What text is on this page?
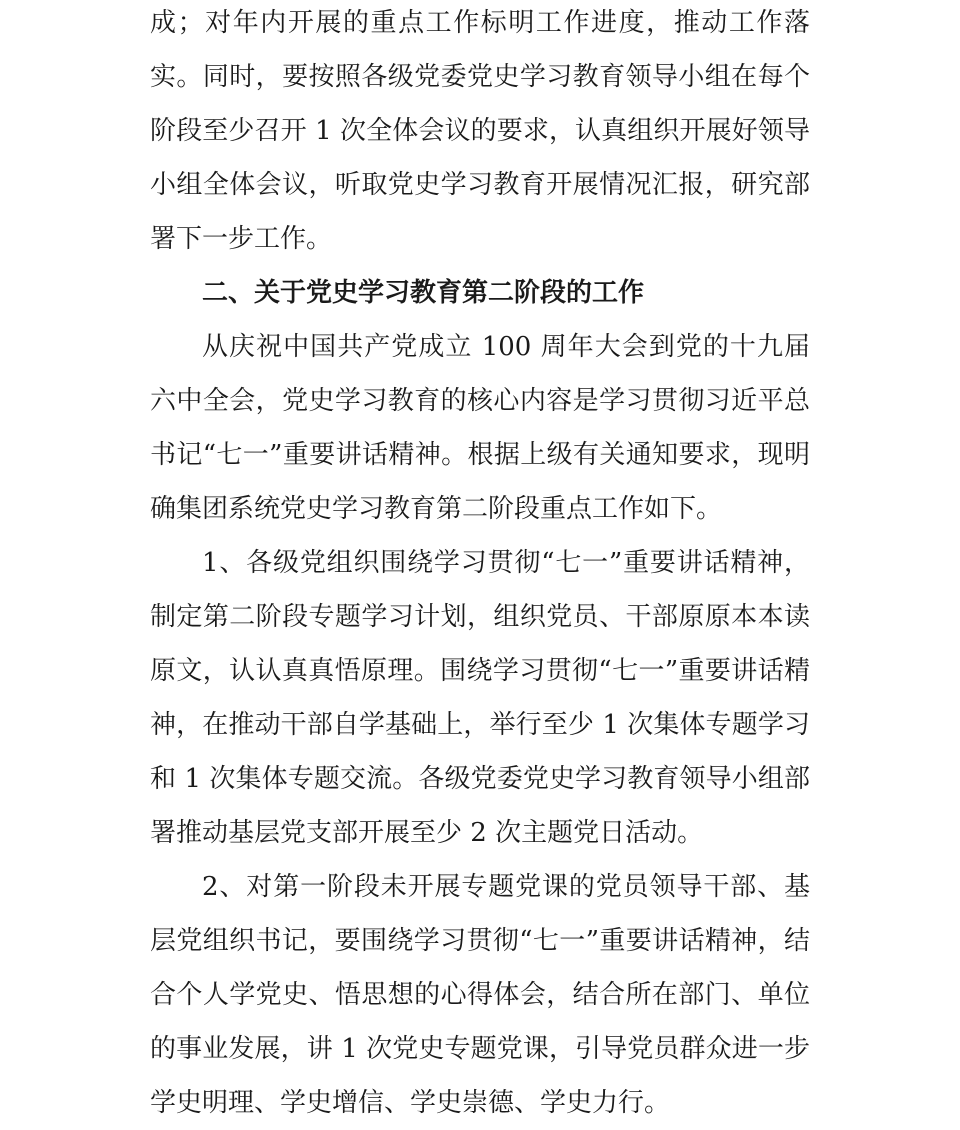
成；对年内开展的重点工作标明工作进度，推动工作落实。同时，要按照各级党委党史学习教育领导小组在每个阶段至少召开 1 次全体会议的要求，认真组织开展好领导小组全体会议，听取党史学习教育开展情况汇报，研究部署下一步工作。

二、关于党史学习教育第二阶段的工作

从庆祝中国共产党成立 100 周年大会到党的十九届六中全会，党史学习教育的核心内容是学习贯彻习近平总书记“七一”重要讲话精神。根据上级有关通知要求，现明确集团系统党史学习教育第二阶段重点工作如下。

1、各级党组织围绕学习贯彻“七一”重要讲话精神，制定第二阶段专题学习计划，组织党员、干部原原本本读原文，认认真真悟原理。围绕学习贯彻“七一”重要讲话精神，在推动干部自学基础上，举行至少 1 次集体专题学习和 1 次集体专题交流。各级党委党史学习教育领导小组部署推动基层党支部开展至少 2 次主题党日活动。

2、对第一阶段未开展专题党课的党员领导干部、基层党组织书记，要围绕学习贯彻“七一”重要讲话精神，结合个人学党史、悟思想的心得体会，结合所在部门、单位的事业发展，讲 1 次党史专题党课，引导党员群众进一步学史明理、学史增信、学史崇德、学史力行。
